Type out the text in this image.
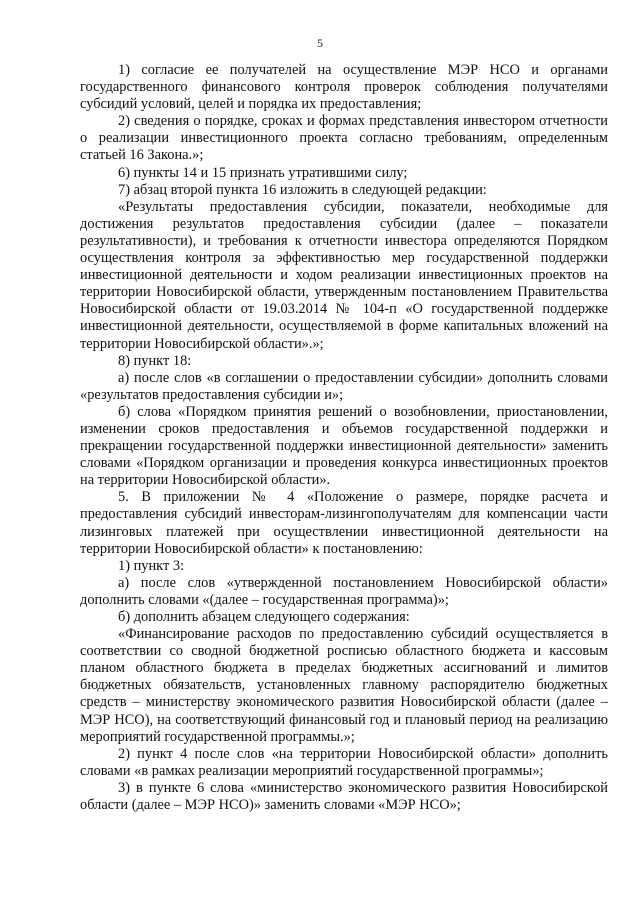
5

1) согласие ее получателей на осуществление МЭР НСО и органами государственного финансового контроля проверок соблюдения получателями субсидий условий, целей и порядка их предоставления;

2) сведения о порядке, сроках и формах представления инвестором отчетности о реализации инвестиционного проекта согласно требованиям, определенным статьей 16 Закона.»;

6) пункты 14 и 15 признать утратившими силу;

7) абзац второй пункта 16 изложить в следующей редакции:

«Результаты предоставления субсидии, показатели, необходимые для достижения результатов предоставления субсидии (далее – показатели результативности), и требования к отчетности инвестора определяются Порядком осуществления контроля за эффективностью мер государственной поддержки инвестиционной деятельности и ходом реализации инвестиционных проектов на территории Новосибирской области, утвержденным постановлением Правительства Новосибирской области от 19.03.2014 № 104-п «О государственной поддержке инвестиционной деятельности, осуществляемой в форме капитальных вложений на территории Новосибирской области».»;

8) пункт 18:

а) после слов «в соглашении о предоставлении субсидии» дополнить словами «результатов предоставления субсидии и»;

б) слова «Порядком принятия решений о возобновлении, приостановлении, изменении сроков предоставления и объемов государственной поддержки и прекращении государственной поддержки инвестиционной деятельности» заменить словами «Порядком организации и проведения конкурса инвестиционных проектов на территории Новосибирской области».

5. В приложении № 4 «Положение о размере, порядке расчета и предоставления субсидий инвесторам-лизингополучателям для компенсации части лизинговых платежей при осуществлении инвестиционной деятельности на территории Новосибирской области» к постановлению:

1) пункт 3:

а) после слов «утвержденной постановлением Новосибирской области» дополнить словами «(далее – государственная программа)»;

б) дополнить абзацем следующего содержания:

«Финансирование расходов по предоставлению субсидий осуществляется в соответствии со сводной бюджетной росписью областного бюджета и кассовым планом областного бюджета в пределах бюджетных ассигнований и лимитов бюджетных обязательств, установленных главному распорядителю бюджетных средств – министерству экономического развития Новосибирской области (далее – МЭР НСО), на соответствующий финансовый год и плановый период на реализацию мероприятий государственной программы.»;

2) пункт 4 после слов «на территории Новосибирской области» дополнить словами «в рамках реализации мероприятий государственной программы»;

3) в пункте 6 слова «министерство экономического развития Новосибирской области (далее – МЭР НСО)» заменить словами «МЭР НСО»;
